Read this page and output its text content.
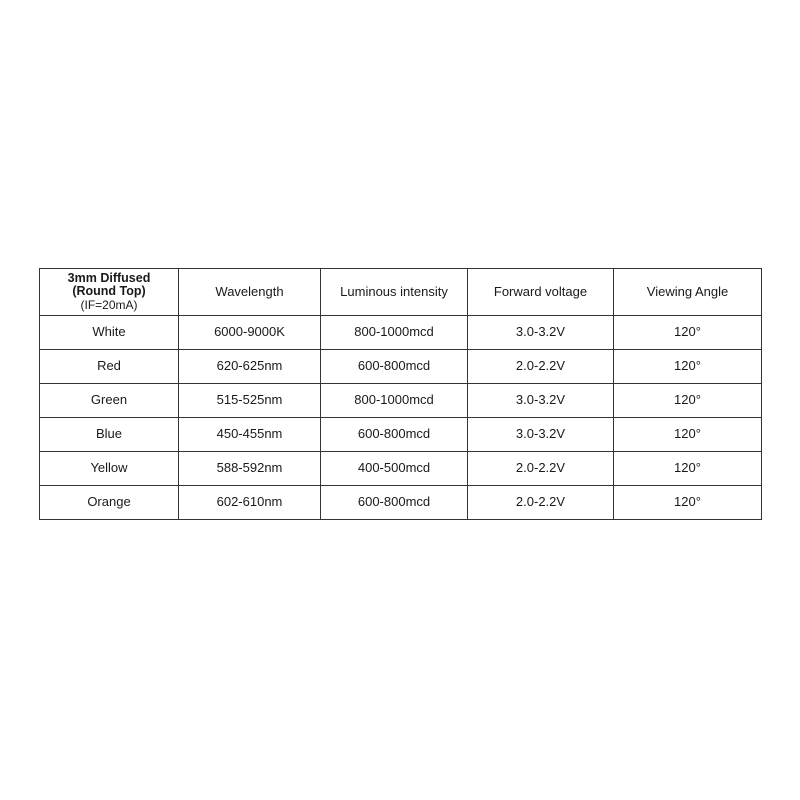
3mm Diffused
(Round Top)
(IF=20mA)	Wavelength	Luminous intensity	Forward voltage	Viewing Angle
White	6000-9000K	800-1000mcd	3.0-3.2V	120°
Red	620-625nm	600-800mcd	2.0-2.2V	120°
Green	515-525nm	800-1000mcd	3.0-3.2V	120°
Blue	450-455nm	600-800mcd	3.0-3.2V	120°
Yellow	588-592nm	400-500mcd	2.0-2.2V	120°
Orange	602-610nm	600-800mcd	2.0-2.2V	120°
